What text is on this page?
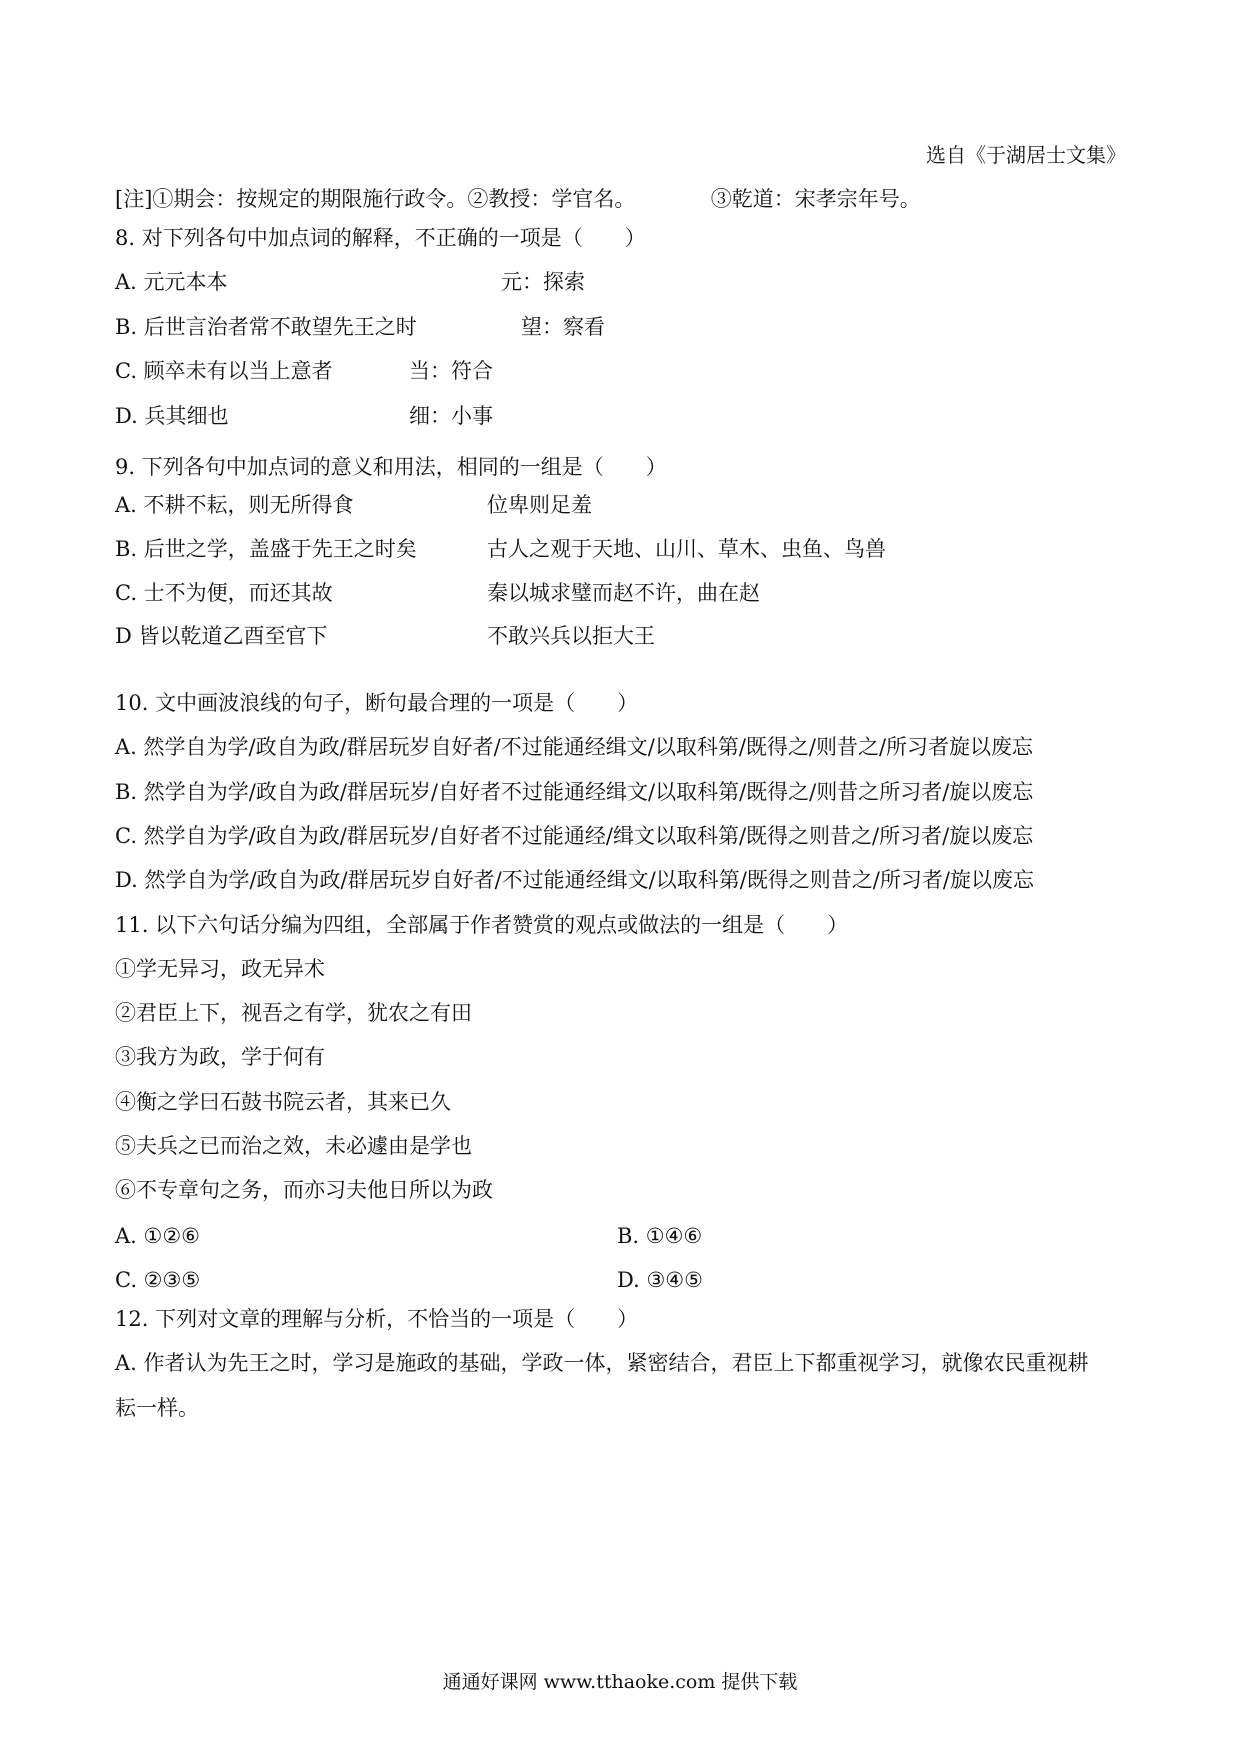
选自《于湖居士文集》
[注]①期会：按规定的期限施行政令。②教授：学官名。	③乾道：宋孝宗年号。
8. 对下列各句中加点词的解释，不正确的一项是（　　）
A. 元元本本	元：探索
B. 后世言治者常不敢望先王之时	望：察看
C. 顾卒未有以当上意者	当：符合
D. 兵其细也	细：小事
9. 下列各句中加点词的意义和用法，相同的一组是（　　）
A. 不耕不耘，则无所得食	位卑则足羞
B. 后世之学，盖盛于先王之时矣	古人之观于天地、山川、草木、虫鱼、鸟兽
C. 士不为便，而还其故	秦以城求璧而赵不许，曲在赵
D 皆以乾道乙酉至官下	不敢兴兵以拒大王
10. 文中画波浪线的句子，断句最合理的一项是（　　）
A. 然学自为学/政自为政/群居玩岁自好者/不过能通经缉文/以取科第/既得之/则昔之/所习者旋以废忘
B. 然学自为学/政自为政/群居玩岁/自好者不过能通经缉文/以取科第/既得之/则昔之所习者/旋以废忘
C. 然学自为学/政自为政/群居玩岁/自好者不过能通经/缉文以取科第/既得之则昔之/所习者/旋以废忘
D. 然学自为学/政自为政/群居玩岁自好者/不过能通经缉文/以取科第/既得之则昔之/所习者/旋以废忘
11. 以下六句话分编为四组，全部属于作者赞赏的观点或做法的一组是（　　）
①学无异习，政无异术
②君臣上下，视吾之有学，犹农之有田
③我方为政，学于何有
④衡之学曰石鼓书院云者，其来已久
⑤夫兵之已而治之效，未必遽由是学也
⑥不专章句之务，而亦习夫他日所以为政
A. ①②⑥	B. ①④⑥
C. ②③⑤	D. ③④⑤
12. 下列对文章的理解与分析，不恰当的一项是（　　）
A. 作者认为先王之时，学习是施政的基础，学政一体，紧密结合，君臣上下都重视学习，就像农民重视耕
耘一样。
通通好课网 www.tthaoke.com 提供下载
